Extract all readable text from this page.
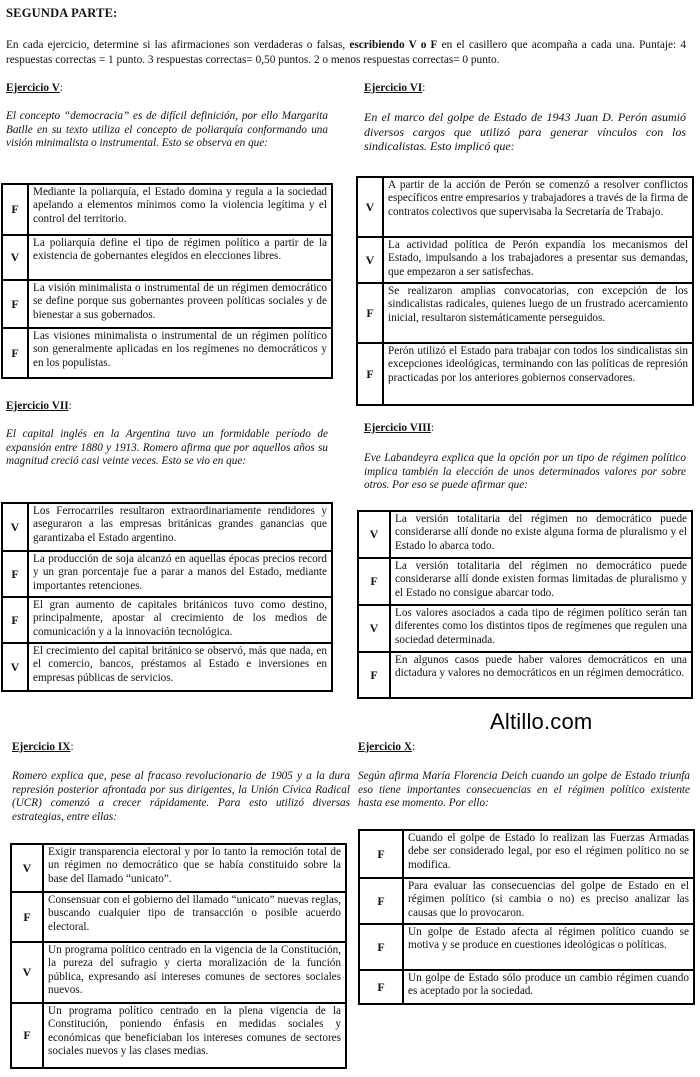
SEGUNDA PARTE:
En cada ejercicio, determine si las afirmaciones son verdaderas o falsas, escribiendo V o F en el casillero que acompaña a cada una. Puntaje: 4 respuestas correctas = 1 punto. 3 respuestas correctas= 0,50 puntos. 2 o menos respuestas correctas= 0 punto.
Ejercicio V:
El concepto “democracia” es de difícil definición, por ello Margarita Batlle en su texto utiliza el concepto de poliarquía conformando una visión minimalista o instrumental. Esto se observa en que:
F	Mediante la poliarquía, el Estado domina y regula a la sociedad apelando a elementos mínimos como la violencia legítima y el control del territorio.
V	La poliarquía define el tipo de régimen político a partir de la existencia de gobernantes elegidos en elecciones libres.
F	La visión minimalista o instrumental de un régimen democrático se define porque sus gobernantes proveen políticas sociales y de bienestar a sus gobernados.
F	Las visiones minimalista o instrumental de un régimen político son generalmente aplicadas en los regímenes no democráticos y en los populistas.
Ejercicio VI:
En el marco del golpe de Estado de 1943 Juan D. Perón asumió diversos cargos que utilizó para generar vínculos con los sindicalistas. Esto implicó que:
V	A partir de la acción de Perón se comenzó a resolver conflictos específicos entre empresarios y trabajadores a través de la firma de contratos colectivos que supervisaba la Secretaría de Trabajo.
V	La actividad política de Perón expandía los mecanismos del Estado, impulsando a los trabajadores a presentar sus demandas, que empezaron a ser satisfechas.
F	Se realizaron amplias convocatorias, con excepción de los sindicalistas radicales, quienes luego de un frustrado acercamiento inicial, resultaron sistemáticamente perseguidos.
F	Perón utilizó el Estado para trabajar con todos los sindicalistas sin excepciones ideológicas, terminando con las políticas de represión practicadas por los anteriores gobiernos conservadores.
Ejercicio VII:
El capital inglés en la Argentina tuvo un formidable período de expansión entre 1880 y 1913. Romero afirma que por aquellos años su magnitud creció casi veinte veces. Esto se vio en que:
V	Los Ferrocarriles resultaron extraordinariamente rendidores y aseguraron a las empresas británicas grandes ganancias que garantizaba el Estado argentino.
F	La producción de soja alcanzó en aquellas épocas precios record y un gran porcentaje fue a parar a manos del Estado, mediante importantes retenciones.
F	El gran aumento de capitales británicos tuvo como destino, principalmente, apostar al crecimiento de los medios de comunicación y a la innovación tecnológica.
V	El crecimiento del capital británico se observó, más que nada, en el comercio, bancos, préstamos al Estado e inversiones en empresas públicas de servicios.
Ejercicio VIII:
Eve Labandeyra explica que la opción por un tipo de régimen político implica también la elección de unos determinados valores por sobre otros. Por eso se puede afirmar que:
V	La versión totalitaria del régimen no democrático puede considerarse allí donde no existe alguna forma de pluralismo y el Estado lo abarca todo.
F	La versión totalitaria del régimen no democrático puede considerarse allí donde existen formas limitadas de pluralismo y el Estado no consigue abarcar todo.
V	Los valores asociados a cada tipo de régimen político serán tan diferentes como los distintos tipos de regímenes que regulen una sociedad determinada.
F	En algunos casos puede haber valores democráticos en una dictadura y valores no democráticos en un régimen democrático.
Altillo.com
Ejercicio IX:
Romero explica que, pese al fracaso revolucionario de 1905 y a la dura represión posterior afrontada por sus dirigentes, la Unión Cívica Radical (UCR) comenzó a crecer rápidamente. Para esto utilizó diversas estrategias, entre ellas:
V	Exigir transparencia electoral y por lo tanto la remoción total de un régimen no democrático que se había constituido sobre la base del llamado “unicato”.
F	Consensuar con el gobierno del llamado “unicato” nuevas reglas, buscando cualquier tipo de transacción o posible acuerdo electoral.
V	Un programa político centrado en la vigencia de la Constitución, la pureza del sufragio y cierta moralización de la función pública, expresando así intereses comunes de sectores sociales nuevos.
F	Un programa político centrado en la plena vigencia de la Constitución, poniendo énfasis en medidas sociales y económicas que beneficiaban los intereses comunes de sectores sociales nuevos y las clases medias.
Ejercicio X:
Según afirma María Florencia Deich cuando un golpe de Estado triunfa eso tiene importantes consecuencias en el régimen político existente hasta ese momento. Por ello:
F	Cuando el golpe de Estado lo realizan las Fuerzas Armadas debe ser considerado legal, por eso el régimen político no se modifica.
F	Para evaluar las consecuencias del golpe de Estado en el régimen político (si cambia o no) es preciso analizar las causas que lo provocaron.
F	Un golpe de Estado afecta al régimen político cuando se motiva y se produce en cuestiones ideológicas o políticas.
F	Un golpe de Estado sólo produce un cambio régimen cuando es aceptado por la sociedad.
